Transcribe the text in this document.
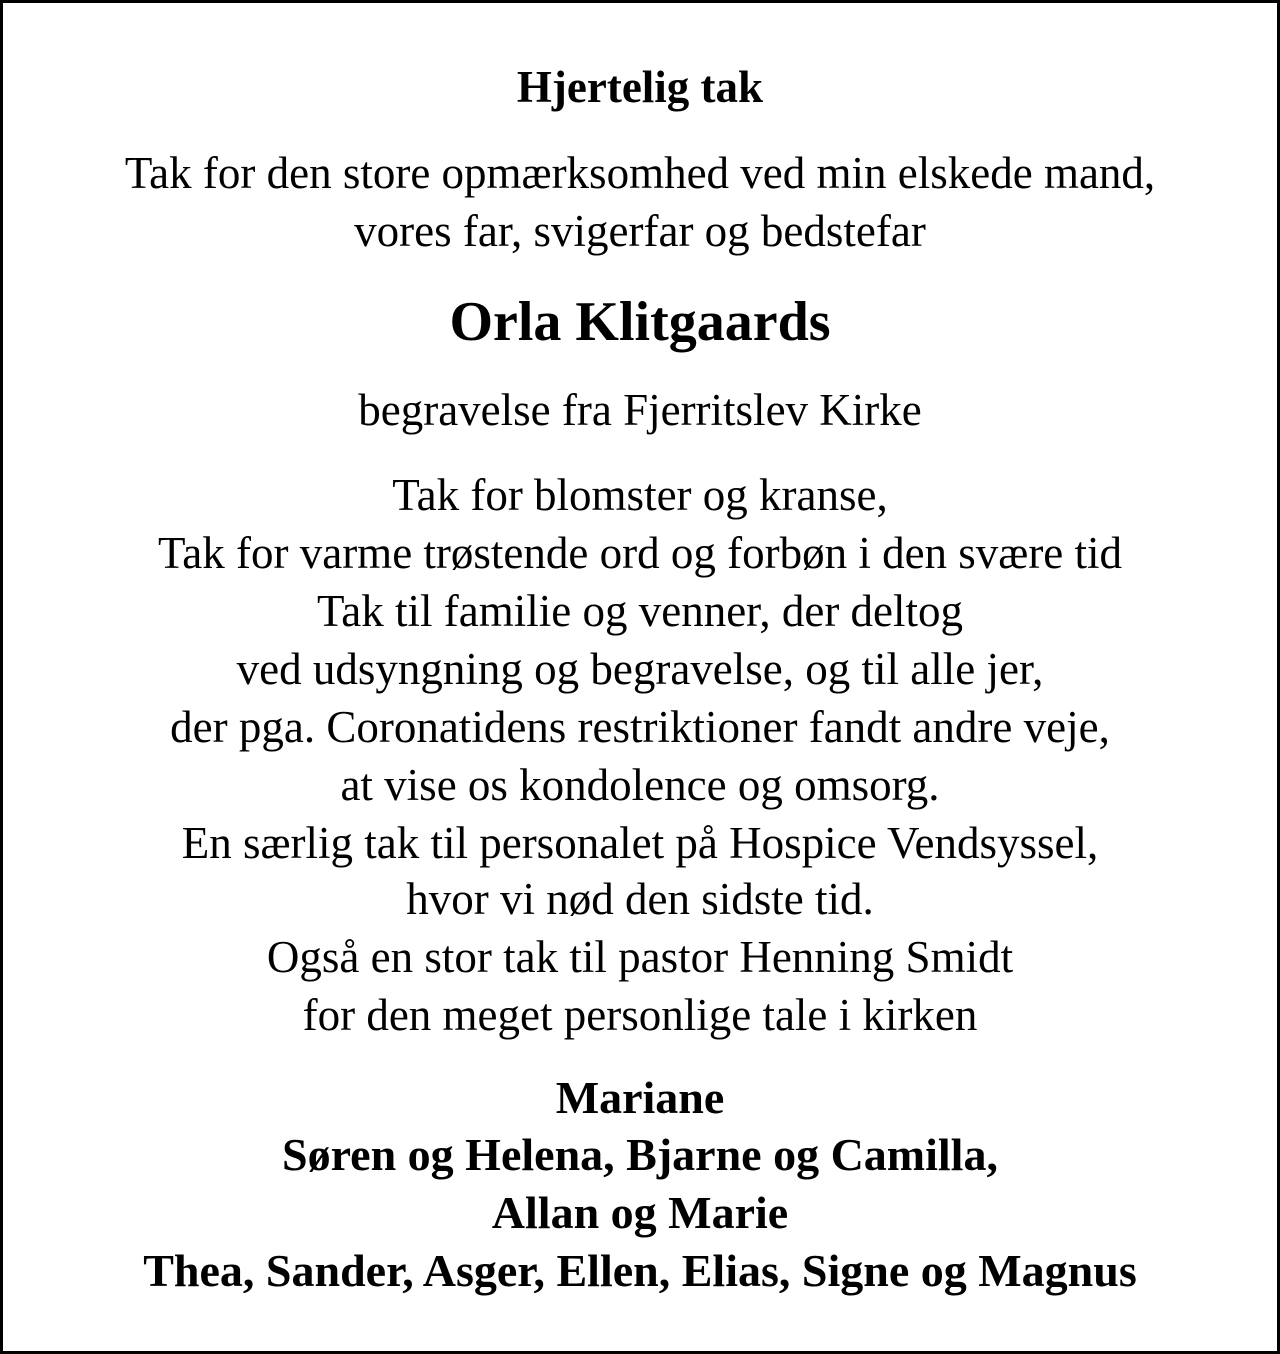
Hjertelig tak
Tak for den store opmærksomhed ved min elskede mand,
vores far, svigerfar og bedstefar
Orla Klitgaards
begravelse fra Fjerritslev Kirke
Tak for blomster og kranse,
Tak for varme trøstende ord og forbøn i den svære tid
Tak til familie og venner, der deltog
ved udsyngning og begravelse, og til alle jer,
der pga. Coronatidens restriktioner fandt andre veje,
at vise os kondolence og omsorg.
En særlig tak til personalet på Hospice Vendsyssel,
hvor vi nød den sidste tid.
Også en stor tak til pastor Henning Smidt
for den meget personlige tale i kirken
Mariane
Søren og Helena, Bjarne og Camilla,
Allan og Marie
Thea, Sander, Asger, Ellen, Elias, Signe og Magnus
